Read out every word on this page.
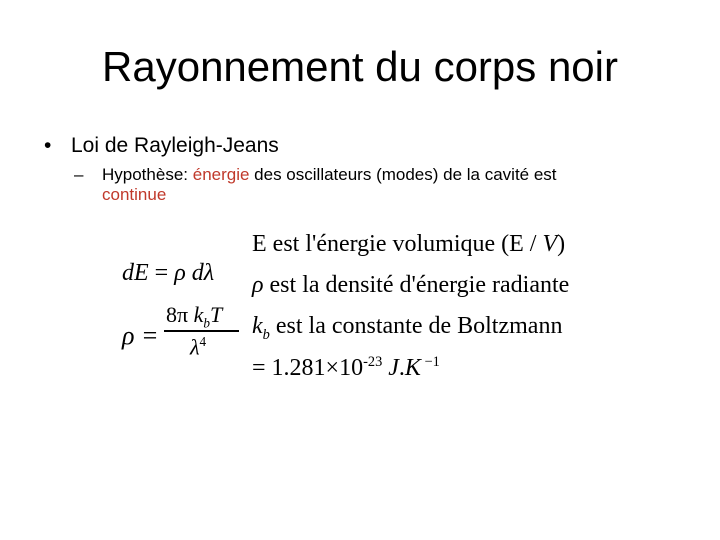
Rayonnement du corps noir
• Loi de Rayleigh-Jeans
– Hypothèse: énergie des oscillateurs (modes) de la cavité est
continue
dE = ρ dλ
ρ =
8π $k_bT$
$\lambda^4$
E est l'énergie volumique (E / V)
ρ est la densité d'énergie radiante
$k_b$ est la constante de Boltzmann
= $1.281\times 10^{-23}$ J.K $^{-1}$
